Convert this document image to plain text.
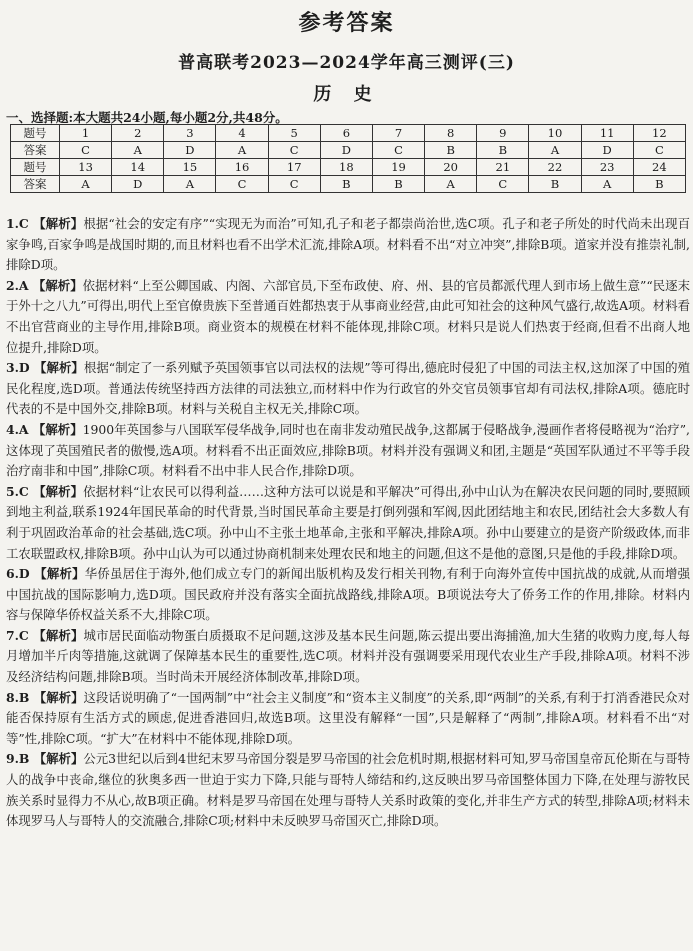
参考答案
普高联考2023—2024学年高三测评(三)
历 史
一、选择题:本大题共24小题,每小题2分,共48分。
题号	1	2	3	4	5	6	7	8	9	10	11	12
答案	C	A	D	A	C	D	C	B	B	A	D	C
题号	13	14	15	16	17	18	19	20	21	22	23	24
答案	A	D	A	C	C	B	B	A	C	B	A	B
1.C 【解析】根据“社会的安定有序”“实现无为而治”可知,孔子和老子都崇尚治世,选C项。孔子和老子所处的时代尚未出现百家争鸣,百家争鸣是战国时期的,而且材料也看不出学术汇流,排除A项。材料看不出“对立冲突”,排除B项。道家并没有推崇礼制,排除D项。
2.A 【解析】依据材料“上至公卿国戚、内阁、六部官员,下至布政使、府、州、县的官员都派代理人到市场上做生意”“民逐末于外十之八九”可得出,明代上至官僚贵族下至普通百姓都热衷于从事商业经营,由此可知社会的这种风气盛行,故选A项。材料看不出官营商业的主导作用,排除B项。商业资本的规模在材料不能体现,排除C项。材料只是说人们热衷于经商,但看不出商人地位提升,排除D项。
3.D 【解析】根据“制定了一系列赋予英国领事官以司法权的法规”等可得出,德庇时侵犯了中国的司法主权,这加深了中国的殖民化程度,选D项。普通法传统坚持西方法律的司法独立,而材料中作为行政官的外交官员领事官却有司法权,排除A项。德庇时代表的不是中国外交,排除B项。材料与关税自主权无关,排除C项。
4.A 【解析】1900年英国参与八国联军侵华战争,同时也在南非发动殖民战争,这都属于侵略战争,漫画作者将侵略视为“治疗”,这体现了英国殖民者的傲慢,选A项。材料看不出正面效应,排除B项。材料并没有强调义和团,主题是“英国军队通过不平等手段治疗南非和中国”,排除C项。材料看不出中非人民合作,排除D项。
5.C 【解析】依据材料“让农民可以得利益……这种方法可以说是和平解决”可得出,孙中山认为在解决农民问题的同时,要照顾到地主利益,联系1924年国民革命的时代背景,当时国民革命主要是打倒列强和军阀,因此团结地主和农民,团结社会大多数人有利于巩固政治革命的社会基础,选C项。孙中山不主张土地革命,主张和平解决,排除A项。孙中山要建立的是资产阶级政体,而非工农联盟政权,排除B项。孙中山认为可以通过协商机制来处理农民和地主的问题,但这不是他的意图,只是他的手段,排除D项。
6.D 【解析】华侨虽居住于海外,他们成立专门的新闻出版机构及发行相关刊物,有利于向海外宣传中国抗战的成就,从而增强中国抗战的国际影响力,选D项。国民政府并没有落实全面抗战路线,排除A项。B项说法夸大了侨务工作的作用,排除。材料内容与保障华侨权益关系不大,排除C项。
7.C 【解析】城市居民面临动物蛋白质摄取不足问题,这涉及基本民生问题,陈云提出要出海捕渔,加大生猪的收购力度,每人每月增加半斤肉等措施,这就调了保障基本民生的重要性,选C项。材料并没有强调要采用现代农业生产手段,排除A项。材料不涉及经济结构问题,排除B项。当时尚未开展经济体制改革,排除D项。
8.B 【解析】这段话说明确了“一国两制”中“社会主义制度”和“资本主义制度”的关系,即“两制”的关系,有利于打消香港民众对能否保持原有生活方式的顾虑,促进香港回归,故选B项。这里没有解释“一国”,只是解释了“两制”,排除A项。材料看不出“对等”性,排除C项。“扩大”在材料中不能体现,排除D项。
9.B 【解析】公元3世纪以后到4世纪末罗马帝国分裂是罗马帝国的社会危机时期,根据材料可知,罗马帝国皇帝瓦伦斯在与哥特人的战争中丧命,继位的狄奥多西一世迫于实力下降,只能与哥特人缔结和约,这反映出罗马帝国整体国力下降,在处理与游牧民族关系时显得力不从心,故B项正确。材料是罗马帝国在处理与哥特人关系时政策的变化,并非生产方式的转型,排除A项;材料未体现罗马人与哥特人的交流融合,排除C项;材料中未反映罗马帝国灭亡,排除D项。
